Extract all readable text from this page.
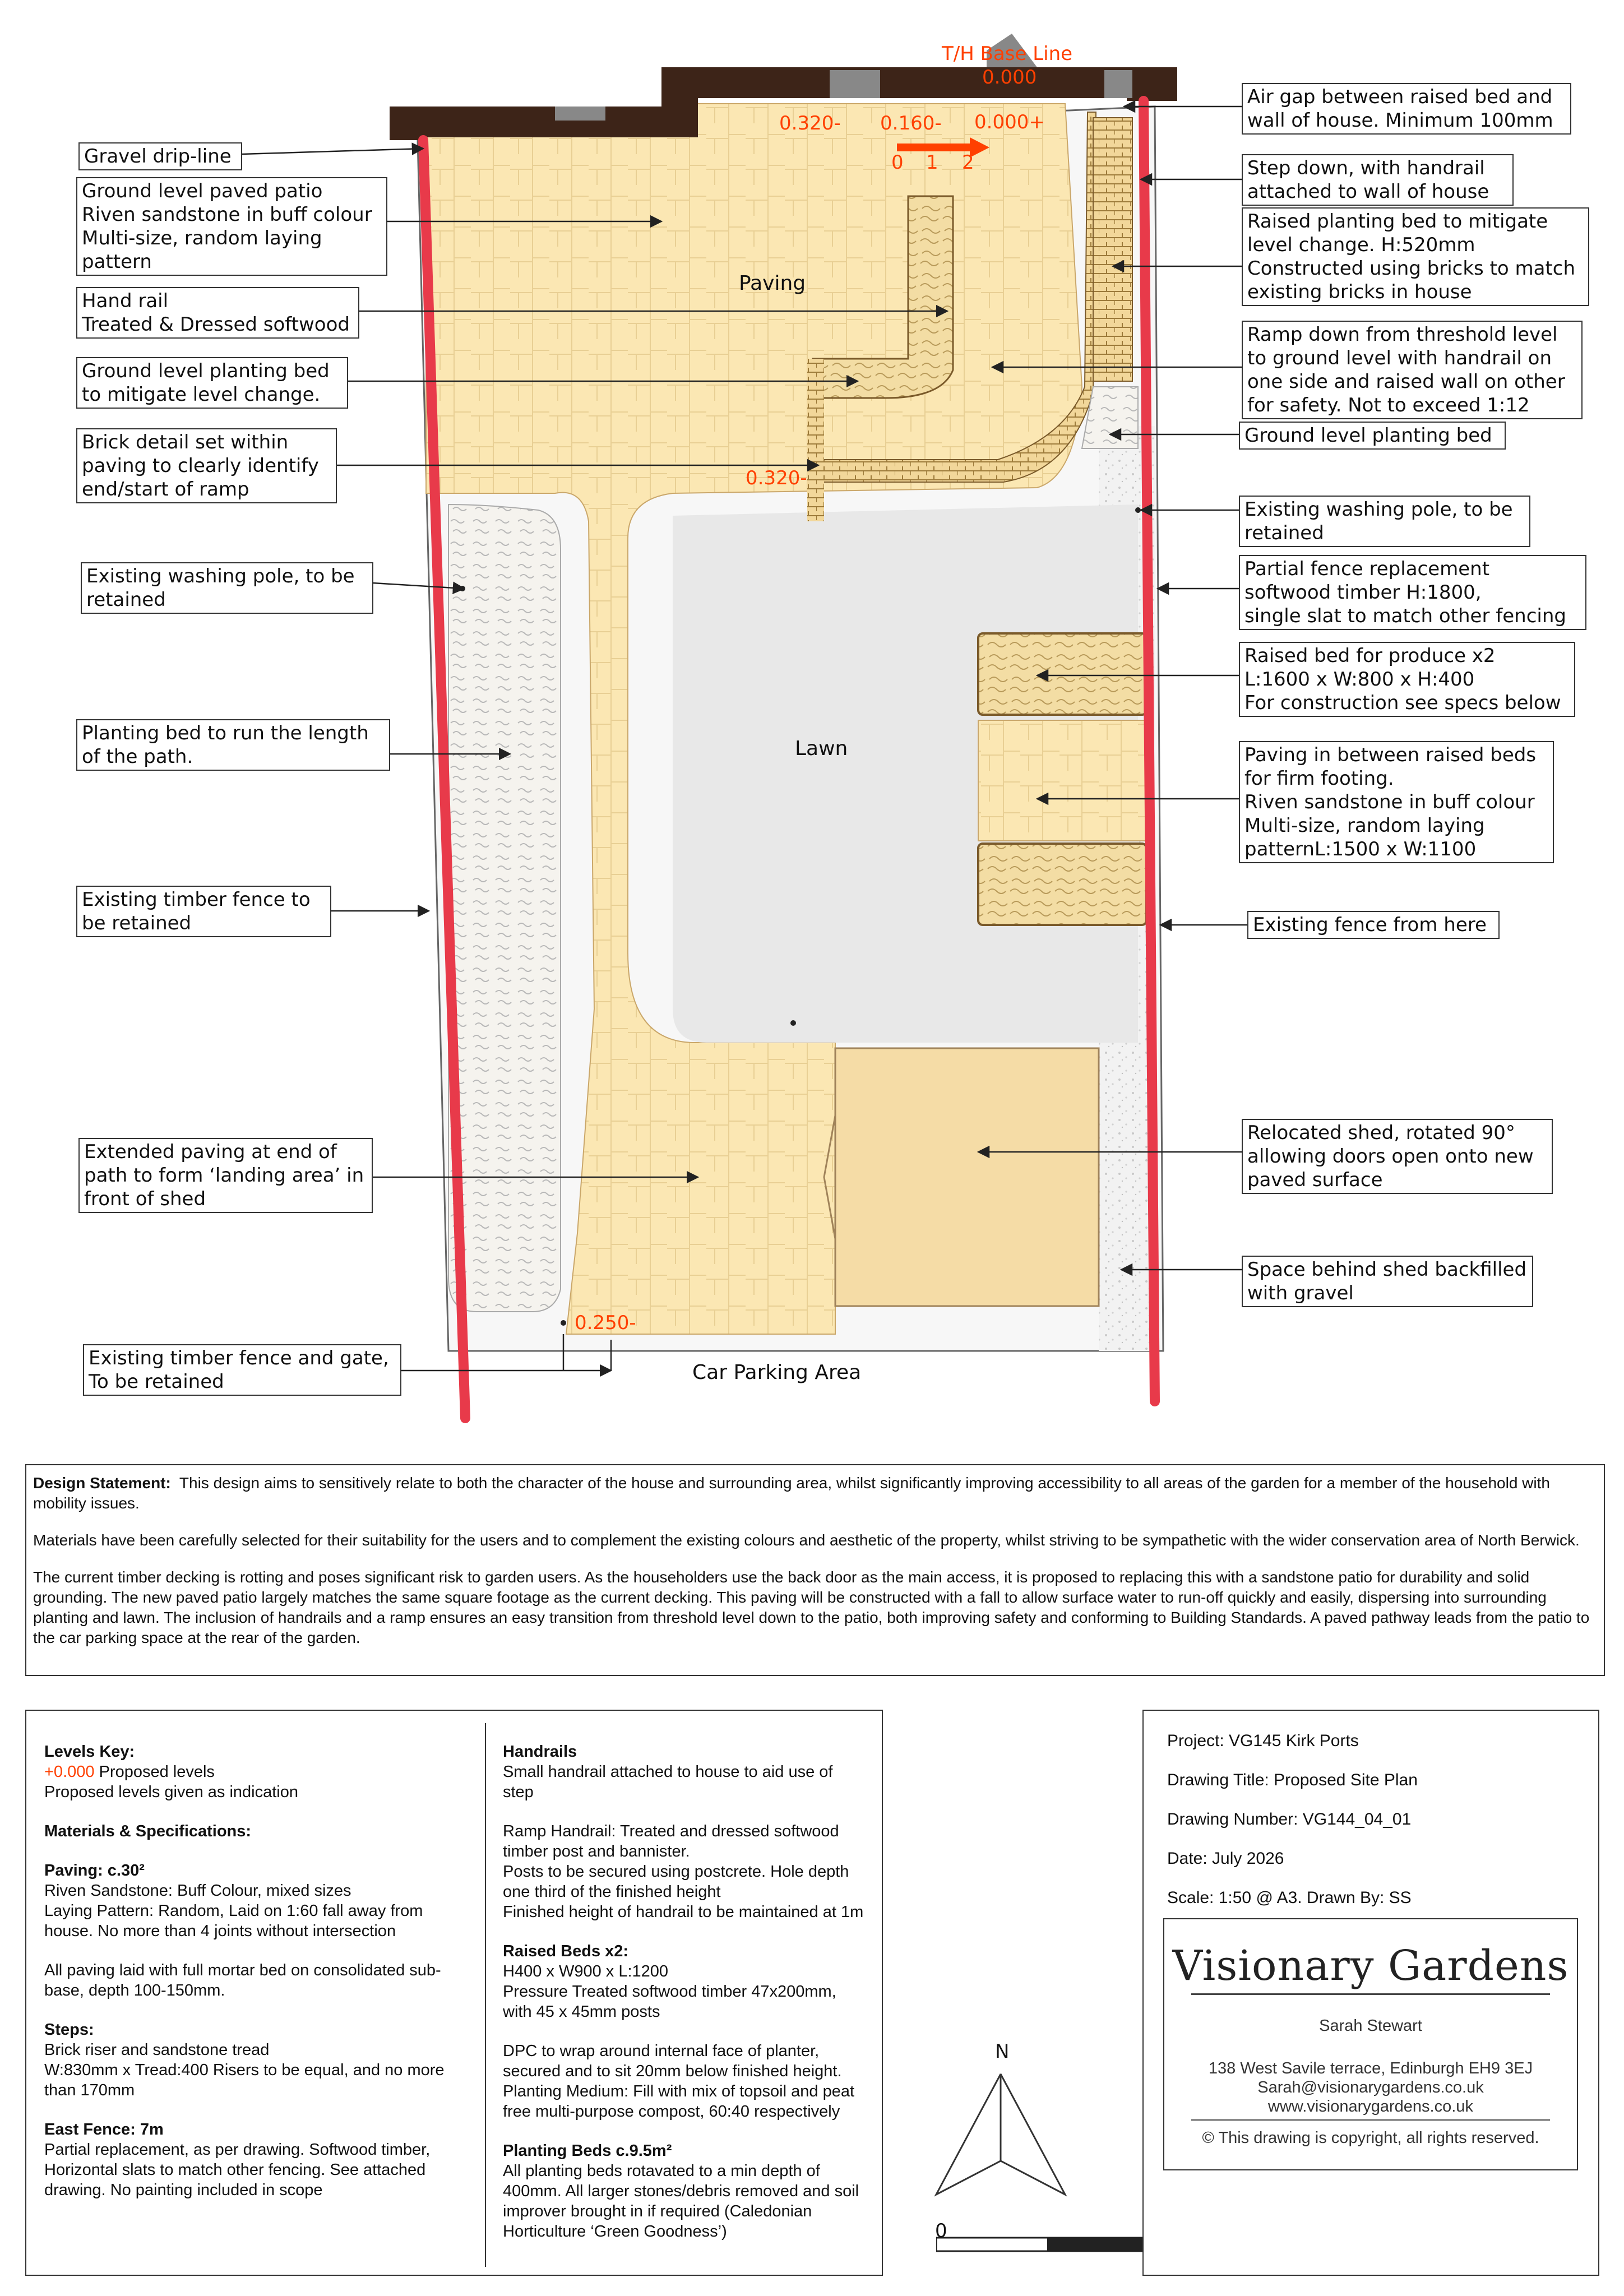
Paving
Lawn
Car Parking Area
T/H Base Line
0.000
0.320- 0.160- 0.000+
0.320-
0.250-
0 1 2
Gravel drip-line
Ground level paved patio
Riven sandstone in buff colour
Multi-size, random laying
pattern
Hand rail
Treated & Dressed softwood
Ground level planting bed
to mitigate level change.
Brick detail set within
paving to clearly identify
end/start of ramp
Existing washing pole, to be
retained
Planting bed to run the length
of the path.
Existing timber fence to
be retained
Extended paving at end of
path to form ‘landing area’ in
front of shed
Existing timber fence and gate,
To be retained
Air gap between raised bed and
wall of house. Minimum 100mm
Step down, with handrail
attached to wall of house
Raised planting bed to mitigate
level change. H:520mm
Constructed using bricks to match
existing bricks in house
Ramp down from threshold level
to ground level with handrail on
one side and raised wall on other
for safety. Not to exceed 1:12
Ground level planting bed
Existing washing pole, to be
retained
Partial fence replacement
softwood timber H:1800,
single slat to match other fencing
Raised bed for produce x2
L:1600 x W:800 x H:400
For construction see specs below
Paving in between raised beds
for firm footing.
Riven sandstone in buff colour
Multi-size, random laying
patternL:1500 x W:1100
Existing fence from here
Relocated shed, rotated 90°
allowing doors open onto new
paved surface
Space behind shed backfilled
with gravel

Design Statement: This design aims to sensitively relate to both the character of the house and surrounding area, whilst significantly improving accessibility to all areas of the garden for a member of the household with mobility issues.

Materials have been carefully selected for their suitability for the users and to complement the existing colours and aesthetic of the property, whilst striving to be sympathetic with the wider conservation area of North Berwick.

The current timber decking is rotting and poses significant risk to garden users. As the householders use the back door as the main access, it is proposed to replacing this with a sandstone patio for durability and solid grounding. The new paved patio largely matches the same square footage as the current decking. This paving will be constructed with a fall to allow surface water to run-off quickly and easily, dispersing into surrounding planting and lawn. The inclusion of handrails and a ramp ensures an easy transition from threshold level down to the patio, both improving safety and conforming to Building Standards. A paved pathway leads from the patio to the car parking space at the rear of the garden.

Levels Key:
+0.000 Proposed levels
Proposed levels given as indication
Materials & Specifications:
Paving: c.30²
Riven Sandstone: Buff Colour, mixed sizes
Laying Pattern: Random, Laid on 1:60 fall away from house. No more than 4 joints without intersection
All paving laid with full mortar bed on consolidated sub-base, depth 100-150mm.
Steps:
Brick riser and sandstone tread
W:830mm x Tread:400 Risers to be equal, and no more than 170mm
East Fence: 7m
Partial replacement, as per drawing. Softwood timber, Horizontal slats to match other fencing. See attached drawing. No painting included in scope
Handrails
Small handrail attached to house to aid use of step
Ramp Handrail: Treated and dressed softwood timber post and bannister.
Posts to be secured using postcrete. Hole depth one third of the finished height
Finished height of handrail to be maintained at 1m
Raised Beds x2:
H400 x W900 x L:1200
Pressure Treated softwood timber 47x200mm, with 45 x 45mm posts
DPC to wrap around internal face of planter, secured and to sit 20mm below finished height.
Planting Medium: Fill with mix of topsoil and peat free multi-purpose compost, 60:40 respectively
Planting Beds c.9.5m²
All planting beds rotavated to a min depth of 400mm. All larger stones/debris removed and soil improver brought in if required (Caledonian Horticulture ‘Green Goodness’)
N
0
Project: VG145 Kirk Ports
Drawing Title: Proposed Site Plan
Drawing Number: VG144_04_01
Date: July 2026
Scale: 1:50 @ A3. Drawn By: SS
Visionary Gardens
Sarah Stewart
138 West Savile terrace, Edinburgh EH9 3EJ
Sarah@visionarygardens.co.uk
www.visionarygardens.co.uk
© This drawing is copyright, all rights reserved.
